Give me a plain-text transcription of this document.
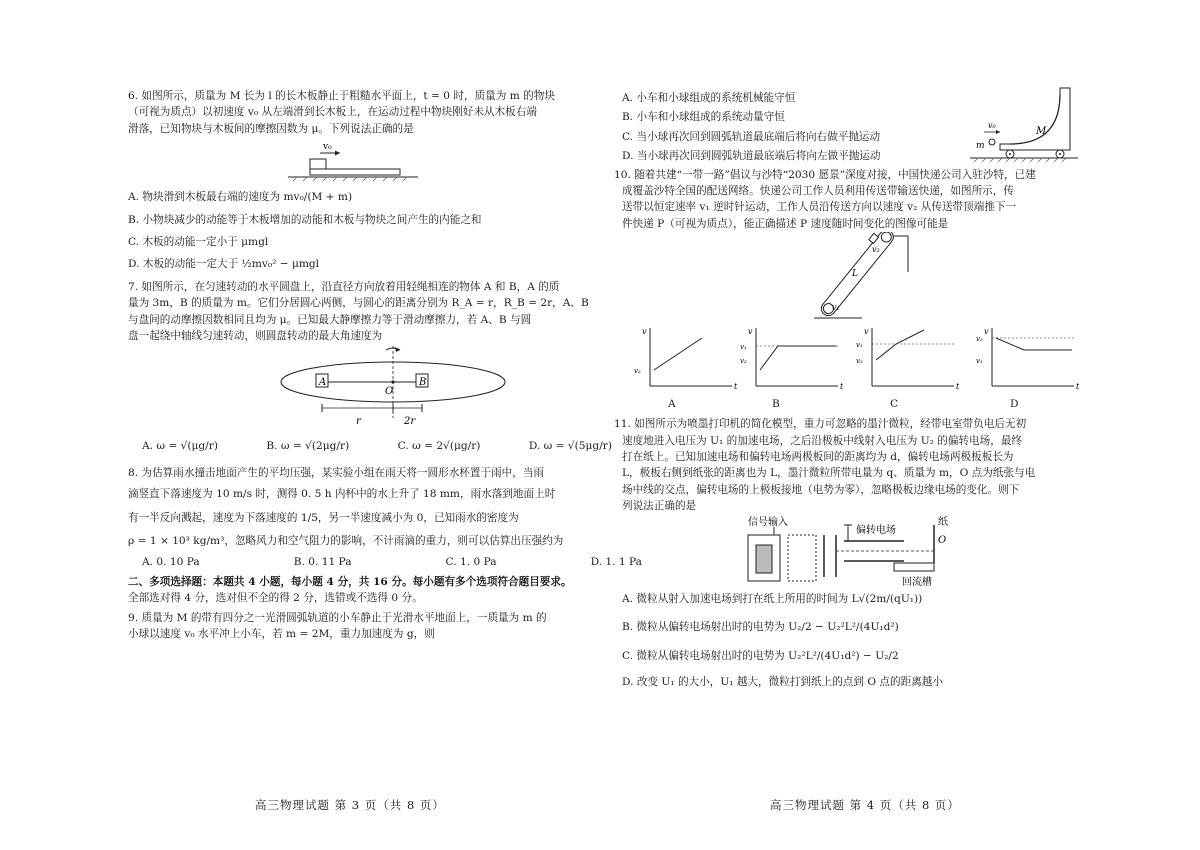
6. 如图所示，质量为 M 长为 l 的长木板静止于粗糙水平面上，t = 0 时，质量为 m 的物块

（可视为质点）以初速度 v₀ 从左端滑到长木板上，在运动过程中物块刚好未从木板右端

滑落，已知物块与木板间的摩擦因数为 μ。下列说法正确的是

v₀

A. 物块滑到木板最右端的速度为 mv₀/(M + m)

B. 小物块减少的动能等于木板增加的动能和木板与物块之间产生的内能之和

C. 木板的动能一定小于 μmgl

D. 木板的动能一定大于 ½mv₀² − μmgl

7. 如图所示，在匀速转动的水平圆盘上，沿直径方向放着用轻绳相连的物体 A 和 B，A 的质

量为 3m，B 的质量为 m。它们分居圆心两侧，与圆心的距离分别为 R_A = r，R_B = 2r，A、B

与盘间的动摩擦因数相同且均为 μ。已知最大静摩擦力等于滑动摩擦力，若 A、B 与圆

盘一起绕中轴线匀速转动，则圆盘转动的最大角速度为

A	B
O
r	2r
A. ω = √(μg/r)	B. ω = √(2μg/r)	C. ω = 2√(μg/r)	D. ω = √(5μg/r)

8. 为估算雨水撞击地面产生的平均压强，某实验小组在雨天将一圆形水杯置于雨中，当雨

滴竖直下落速度为 10 m/s 时，测得 0. 5 h 内杯中的水上升了 18 mm，雨水落到地面上时

有一半反向溅起，速度为下落速度的 1/5，另一半速度减小为 0，已知雨水的密度为

ρ = 1 × 10³ kg/m³，忽略风力和空气阻力的影响，不计雨滴的重力，则可以估算出压强约为

A. 0. 10 Pa	B. 0. 11 Pa	C. 1. 0 Pa	D. 1. 1 Pa

二、多项选择题：本题共 4 小题，每小题 4 分，共 16 分。每小题有多个选项符合题目要求。

全部选对得 4 分，选对但不全的得 2 分，选错或不选得 0 分。

9. 质量为 M 的带有四分之一光滑圆弧轨道的小车静止于光滑水平地面上，一质量为 m 的

小球以速度 v₀ 水平冲上小车，若 m = 2M，重力加速度为 g，则

高三物理试题 第 3 页（共 8 页）

A. 小车和小球组成的系统机械能守恒

B. 小车和小球组成的系统动量守恒

C. 当小球再次回到圆弧轨道最底端后将向右做平抛运动

D. 当小球再次回到圆弧轨道最底端后将向左做平抛运动

m
v₀
M

10. 随着共建“一带一路”倡议与沙特“2030 愿景”深度对接，中国快递公司入驻沙特，已建

成覆盖沙特全国的配送网络。快递公司工作人员利用传送带输送快递，如图所示，传

送带以恒定速率 v₁ 逆时针运动，工作人员沿传送方向以速度 v₂ 从传送带顶端推下一

件快递 P（可视为质点），能正确描述 P 速度随时间变化的图像可能是

v₁
v₂
L
v
t
v₂
v
t
v₁
v₂
v
t
v₁
v₂
v
t
v₂
v₁
A	B	C	D

11. 如图所示为喷墨打印机的简化模型，重力可忽略的墨汁微粒，经带电室带负电后无初

速度地进入电压为 U₁ 的加速电场，之后沿极板中线射入电压为 U₂ 的偏转电场，最终

打在纸上。已知加速电场和偏转电场两极板间的距离均为 d，偏转电场两极板板长为

L，极板右侧到纸张的距离也为 L，墨汁微粒所带电量为 q、质量为 m，O 点为纸张与电

场中线的交点，偏转电场的上极板接地（电势为零），忽略极板边缘电场的变化。则下

列说法正确的是

信号输入
偏转电场
纸
O
回流槽

A. 微粒从射入加速电场到打在纸上所用的时间为 L√(2m/(qU₁))

B. 微粒从偏转电场射出时的电势为 U₂/2 − U₂²L²/(4U₁d²)

C. 微粒从偏转电场射出时的电势为 U₂²L²/(4U₁d²) − U₂/2

D. 改变 U₁ 的大小，U₁ 越大，微粒打到纸上的点到 O 点的距离越小

高三物理试题 第 4 页（共 8 页）
